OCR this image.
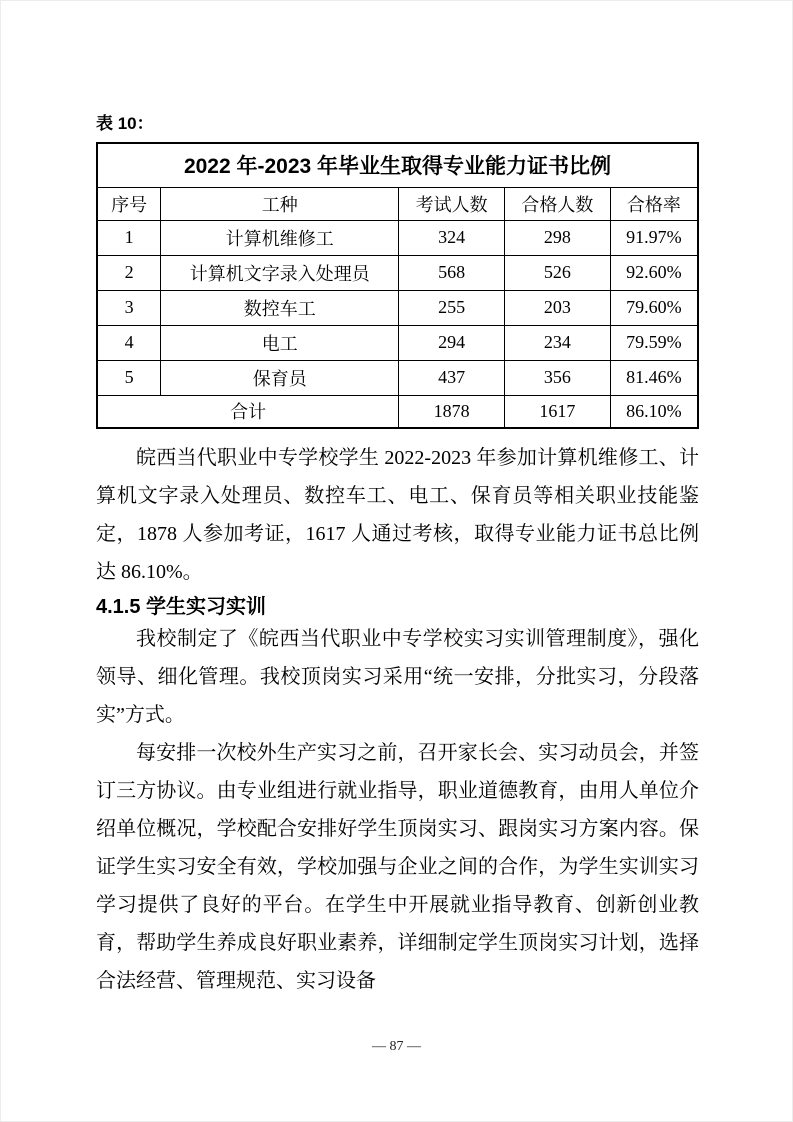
表 10：
2022 年-2023 年毕业生取得专业能力证书比例				
序号	工种	考试人数	合格人数	合格率
1	计算机维修工	324	298	91.97%
2	计算机文字录入处理员	568	526	92.60%
3	数控车工	255	203	79.60%
4	电工	294	234	79.59%
5	保育员	437	356	81.46%
合计		1878	1617	86.10%

皖西当代职业中专学校学生 2022-2023 年参加计算机维修工、计算机文字录入处理员、数控车工、电工、保育员等相关职业技能鉴定，1878 人参加考证，1617 人通过考核，取得专业能力证书总比例达 86.10%。

4.1.5 学生实习实训

我校制定了《皖西当代职业中专学校实习实训管理制度》，强化领导、细化管理。我校顶岗实习采用“统一安排，分批实习，分段落实”方式。

每安排一次校外生产实习之前，召开家长会、实习动员会，并签订三方协议。由专业组进行就业指导，职业道德教育，由用人单位介绍单位概况，学校配合安排好学生顶岗实习、跟岗实习方案内容。保证学生实习安全有效，学校加强与企业之间的合作，为学生实训实习学习提供了良好的平台。在学生中开展就业指导教育、创新创业教育，帮助学生养成良好职业素养，详细制定学生顶岗实习计划，选择合法经营、管理规范、实习设备

— 87 —
